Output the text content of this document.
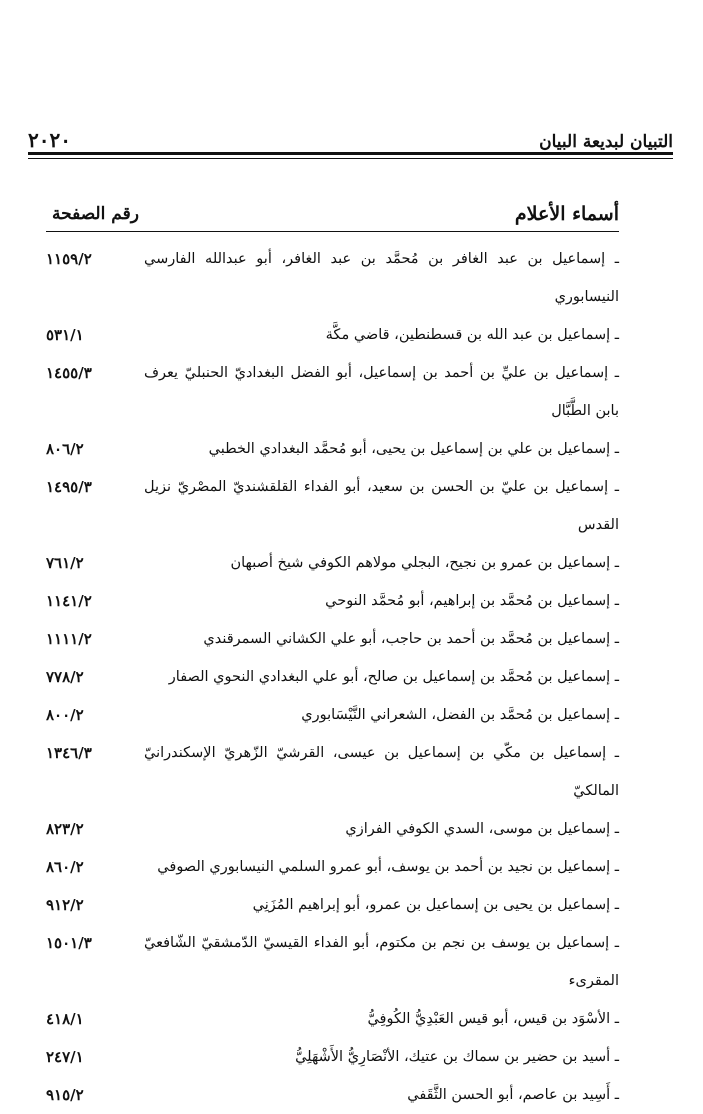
٢٠٢٠	التبيان لبديعة البيان
أسماء الأعلام
رقم الصفحة
ـ إسماعيل بن عبد الغافر بن مُحمَّد بن عبد الغافر، أبو عبدالله الفارسي النيسابوري
١١٥٩/٢
ـ إسماعيل بن عبد الله بن قسطنطين، قاضي مكَّة
٥٣١/١
ـ إسماعيل بن عليِّ بن أحمد بن إسماعيل، أبو الفضل البغداديّ الحنبليّ يعرف بابن الطَّبَّال
١٤٥٥/٣
ـ إسماعيل بن علي بن إسماعيل بن يحيى، أبو مُحمَّد البغدادي الخطبي
٨٠٦/٢
ـ إسماعيل بن عليّ بن الحسن بن سعيد، أبو الفداء القلقشنديّ المصْريّ نزيل القدس
١٤٩٥/٣
ـ إسماعيل بن عمرو بن نجيح، البجلي مولاهم الكوفي شيخ أصبهان
٧٦١/٢
ـ إسماعيل بن مُحمَّد بن إبراهيم، أبو مُحمَّد النوحي
١١٤١/٢
ـ إسماعيل بن مُحمَّد بن أحمد بن حاجب، أبو علي الكشاني السمرقندي
١١١١/٢
ـ إسماعيل بن مُحمَّد بن إسماعيل بن صالح، أبو علي البغدادي النحوي الصفار
٧٧٨/٢
ـ إسماعيل بن مُحمَّد بن الفضل، الشعراني النَّيْسَابوري
٨٠٠/٢
ـ إسماعيل بن مكّي بن إسماعيل بن عيسى، القرشيّ الزّهريّ الإسكندرانيّ المالكيّ
١٣٤٦/٣
ـ إسماعيل بن موسى، السدي الكوفي الفرازي
٨٢٣/٢
ـ إسماعيل بن نجيد بن أحمد بن يوسف، أبو عمرو السلمي النيسابوري الصوفي
٨٦٠/٢
ـ إسماعيل بن يحيى بن إسماعيل بن عمرو، أبو إبراهيم المُزَنِي
٩١٢/٢
ـ إسماعيل بن يوسف بن نجم بن مكتوم، أبو الفداء القيسيّ الدّمشقيّ الشّافعيّ المقرىء
١٥٠١/٣
ـ الأسْوَد بن قيس، أبو قيس العَبْدِيُّ الكُوفِيُّ
٤١٨/١
ـ أسيد بن حضير بن سماك بن عتيك، الأنْصَارِيُّ الأَشْهَلِيُّ
٢٤٧/١
ـ أَسِيد بن عاصم، أبو الحسن الثَّقَفي
٩١٥/٢
